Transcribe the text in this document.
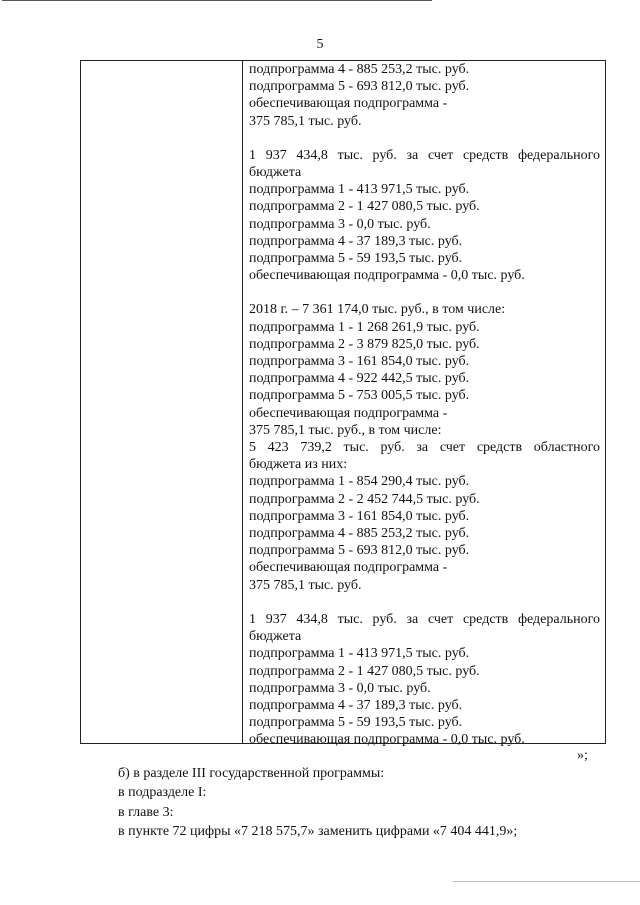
5
подпрограмма 4 - 885 253,2 тыс. руб.
подпрограмма 5 - 693 812,0 тыс. руб.
обеспечивающая подпрограмма -
375 785,1 тыс. руб.
1 937 434,8 тыс. руб. за счет средств федерального
бюджета
подпрограмма 1 - 413 971,5 тыс. руб.
подпрограмма 2 - 1 427 080,5 тыс. руб.
подпрограмма 3 - 0,0 тыс. руб.
подпрограмма 4 - 37 189,3 тыс. руб.
подпрограмма 5 - 59 193,5 тыс. руб.
обеспечивающая подпрограмма - 0,0 тыс. руб.
2018 г. – 7 361 174,0 тыс. руб., в том числе:
подпрограмма 1 - 1 268 261,9 тыс. руб.
подпрограмма 2 - 3 879 825,0 тыс. руб.
подпрограмма 3 - 161 854,0 тыс. руб.
подпрограмма 4 - 922 442,5 тыс. руб.
подпрограмма 5 - 753 005,5 тыс. руб.
обеспечивающая подпрограмма -
375 785,1 тыс. руб., в том числе:
5 423 739,2 тыс. руб. за счет средств областного
бюджета из них:
подпрограмма 1 - 854 290,4 тыс. руб.
подпрограмма 2 - 2 452 744,5 тыс. руб.
подпрограмма 3 - 161 854,0 тыс. руб.
подпрограмма 4 - 885 253,2 тыс. руб.
подпрограмма 5 - 693 812,0 тыс. руб.
обеспечивающая подпрограмма -
375 785,1 тыс. руб.
1 937 434,8 тыс. руб. за счет средств федерального
бюджета
подпрограмма 1 - 413 971,5 тыс. руб.
подпрограмма 2 - 1 427 080,5 тыс. руб.
подпрограмма 3 - 0,0 тыс. руб.
подпрограмма 4 - 37 189,3 тыс. руб.
подпрограмма 5 - 59 193,5 тыс. руб.
обеспечивающая подпрограмма - 0,0 тыс. руб.
»;
б) в разделе III государственной программы:
в подразделе I:
в главе 3:
в пункте 72 цифры «7 218 575,7» заменить цифрами «7 404 441,9»;
